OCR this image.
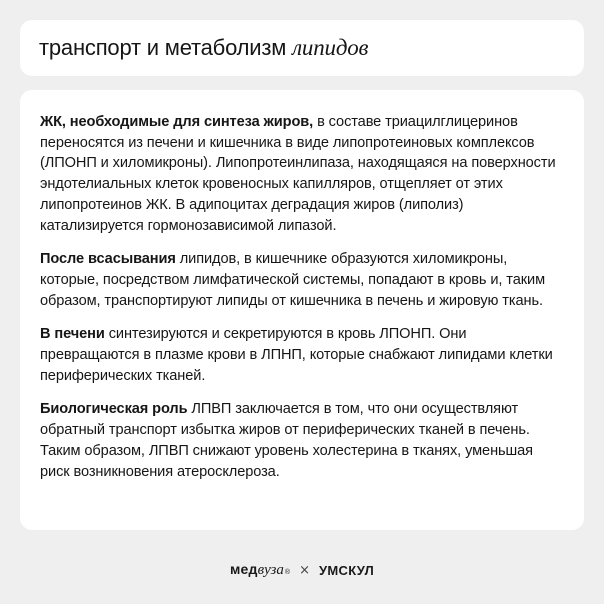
транспорт и метаболизм липидов

ЖК, необходимые для синтеза жиров, в составе триацилглицеринов переносятся из печени и кишечника в виде липопротеиновых комплексов (ЛПОНП и хиломикроны). Липопротеинлипаза, находящаяся на поверхности эндотелиальных клеток кровеносных капилляров, отщепляет от этих липопротеинов ЖК. В адипоцитах деградация жиров (липолиз) катализируется гормонозависимой липазой.

После всасывания липидов, в кишечнике образуются хиломикроны, которые, посредством лимфатической системы, попадают в кровь и, таким образом, транспортируют липиды от кишечника в печень и жировую ткань.

В печени синтезируются и секретируются в кровь ЛПОНП. Они превращаются в плазме крови в ЛПНП, которые снабжают липидами клетки периферических тканей.

Биологическая роль ЛПВП заключается в том, что они осуществляют обратный транспорт избытка жиров от периферических тканей в печень. Таким образом, ЛПВП снижают уровень холестерина в тканях, уменьшая риск возникновения атеросклероза.

мед вуза ® × УМСКУЛ
